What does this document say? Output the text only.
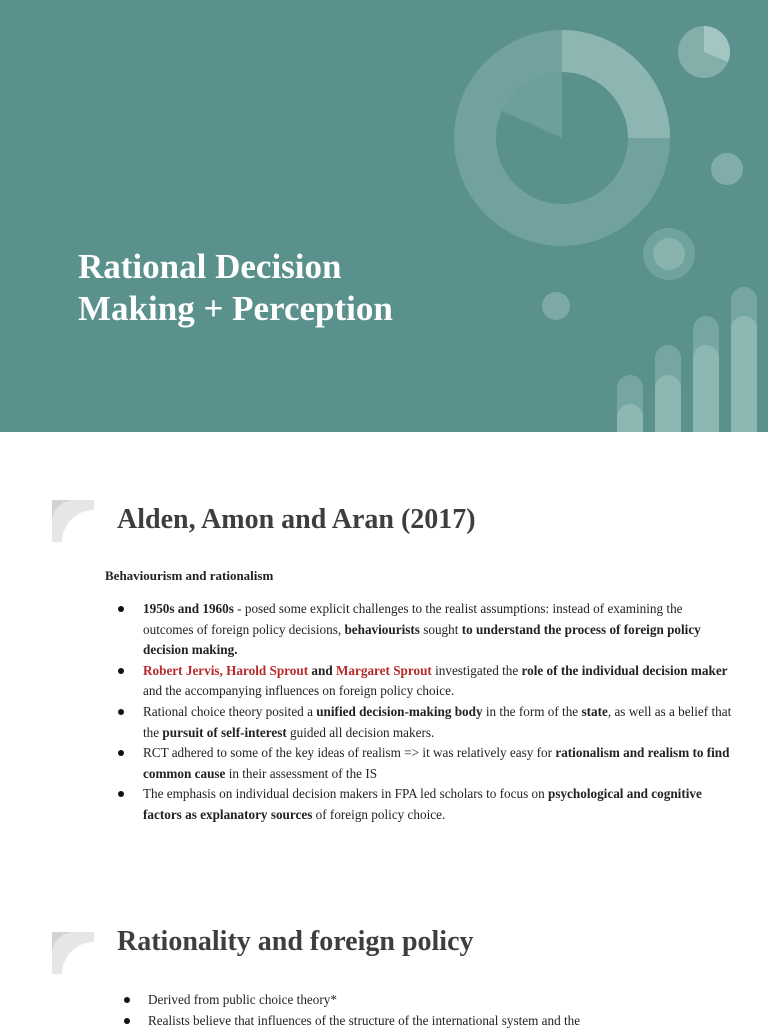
Rational Decision
Making + Perception
Alden, Amon and Aran (2017)

Behaviourism and rationalism

1950s and 1960s - posed some explicit challenges to the realist assumptions: instead of examining the outcomes of foreign policy decisions, behaviourists sought to understand the process of foreign policy decision making.
Robert Jervis, Harold Sprout and Margaret Sprout investigated the role of the individual decision maker and the accompanying influences on foreign policy choice.
Rational choice theory posited a unified decision-making body in the form of the state, as well as a belief that the pursuit of self-interest guided all decision makers.
RCT adhered to some of the key ideas of realism => it was relatively easy for rationalism and realism to find common cause in their assessment of the IS
The emphasis on individual decision makers in FPA led scholars to focus on psychological and cognitive factors as explanatory sources of foreign policy choice.
Rationality and foreign policy
Derived from public choice theory*
Realists believe that influences of the structure of the international system and the
